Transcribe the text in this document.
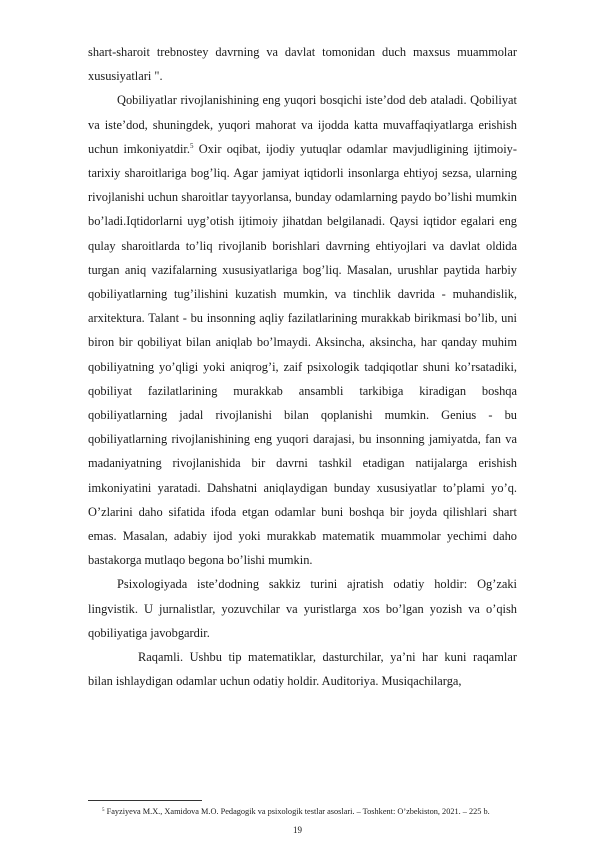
shart-sharoit trebnostey davrning va davlat tomonidan duch maxsus muammolar xususiyatlari ".

Qobiliyatlar rivojlanishining eng yuqori bosqichi iste’dod deb ataladi. Qobiliyat va iste’dod, shuningdek, yuqori mahorat va ijodda katta muvaffaqiyatlarga erishish uchun imkoniyatdir.$^5$ Oxir oqibat, ijodiy yutuqlar odamlar mavjudligining ijtimoiy-tarixiy sharoitlariga bog’liq. Agar jamiyat iqtidorli insonlarga ehtiyoj sezsa, ularning rivojlanishi uchun sharoitlar tayyorlansa, bunday odamlarning paydo bo’lishi mumkin bo’ladi.Iqtidorlarni uyg’otish ijtimoiy jihatdan belgilanadi. Qaysi iqtidor egalari eng qulay sharoitlarda to’liq rivojlanib borishlari davrning ehtiyojlari va davlat oldida turgan aniq vazifalarning xususiyatlariga bog’liq. Masalan, urushlar paytida harbiy qobiliyatlarning tug’ilishini kuzatish mumkin, va tinchlik davrida - muhandislik, arxitektura. Talant - bu insonning aqliy fazilatlarining murakkab birikmasi bo’lib, uni biron bir qobiliyat bilan aniqlab bo’lmaydi. Aksincha, aksincha, har qanday muhim qobiliyatning yo’qligi yoki aniqrog’i, zaif psixologik tadqiqotlar shuni ko’rsatadiki, qobiliyat fazilatlarining murakkab ansambli tarkibiga kiradigan boshqa qobiliyatlarning jadal rivojlanishi bilan qoplanishi mumkin. Genius - bu qobiliyatlarning rivojlanishining eng yuqori darajasi, bu insonning jamiyatda, fan va madaniyatning rivojlanishida bir davrni tashkil etadigan natijalarga erishish imkoniyatini yaratadi. Dahshatni aniqlaydigan bunday xususiyatlar to’plami yo’q. O’zlarini daho sifatida ifoda etgan odamlar buni boshqa bir joyda qilishlari shart emas. Masalan, adabiy ijod yoki murakkab matematik muammolar yechimi daho bastakorga mutlaqo begona bo’lishi mumkin.

Psixologiyada iste’dodning sakkiz turini ajratish odatiy holdir: Og’zaki lingvistik. U jurnalistlar, yozuvchilar va yuristlarga xos bo’lgan yozish va o’qish qobiliyatiga javobgardir.

Raqamli. Ushbu tip matematiklar, dasturchilar, ya’ni har kuni raqamlar bilan ishlaydigan odamlar uchun odatiy holdir. Auditoriya. Musiqachilarga,

$^5$ Fayziyeva M.X., Xamidova M.O. Pedagogik va psixologik testlar asoslari. – Toshkent: O’zbekiston, 2021. – 225 b.
19
